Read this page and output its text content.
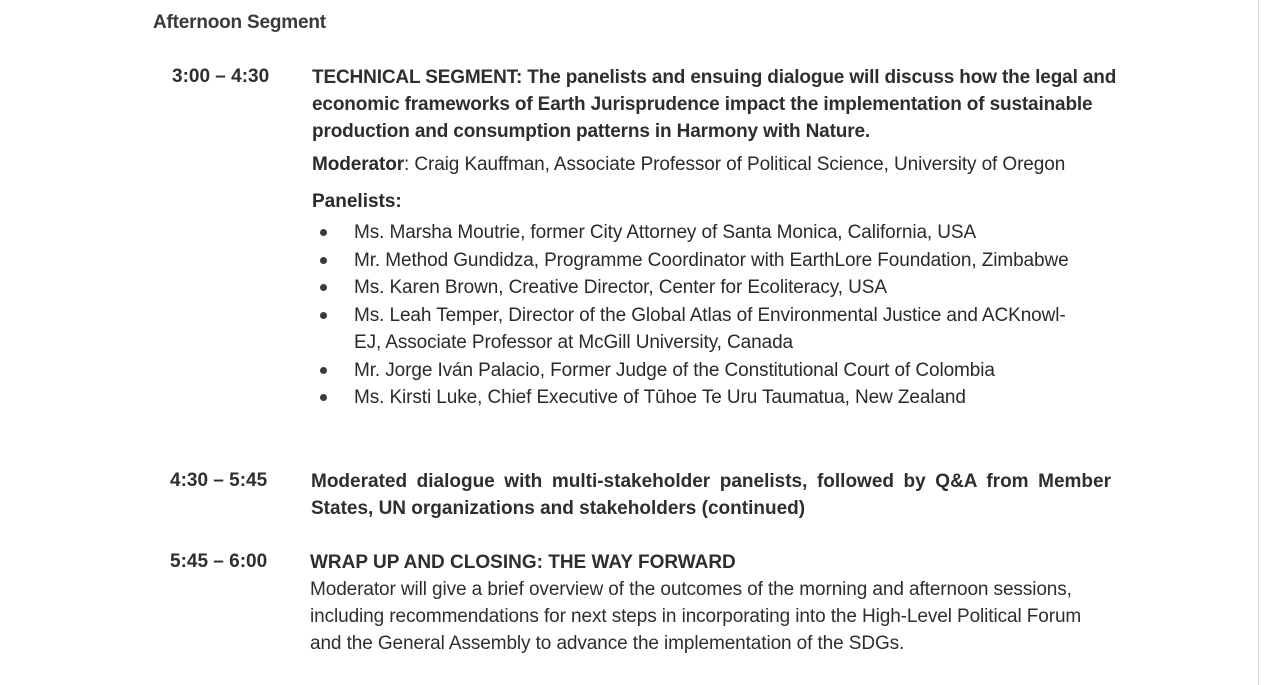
Afternoon Segment
3:00 – 4:30 TECHNICAL SEGMENT: The panelists and ensuing dialogue will discuss how the legal and economic frameworks of Earth Jurisprudence impact the implementation of sustainable production and consumption patterns in Harmony with Nature.
Moderator: Craig Kauffman, Associate Professor of Political Science, University of Oregon
Panelists:
Ms. Marsha Moutrie, former City Attorney of Santa Monica, California, USA
Mr. Method Gundidza, Programme Coordinator with EarthLore Foundation, Zimbabwe
Ms. Karen Brown, Creative Director, Center for Ecoliteracy, USA
Ms. Leah Temper, Director of the Global Atlas of Environmental Justice and ACKnowl-EJ, Associate Professor at McGill University, Canada
Mr. Jorge Iván Palacio, Former Judge of the Constitutional Court of Colombia
Ms. Kirsti Luke, Chief Executive of Tūhoe Te Uru Taumatua, New Zealand
4:30 – 5:45 Moderated dialogue with multi-stakeholder panelists, followed by Q&A from Member States, UN organizations and stakeholders (continued)
5:45 – 6:00 WRAP UP AND CLOSING: THE WAY FORWARD
Moderator will give a brief overview of the outcomes of the morning and afternoon sessions, including recommendations for next steps in incorporating into the High-Level Political Forum and the General Assembly to advance the implementation of the SDGs.
